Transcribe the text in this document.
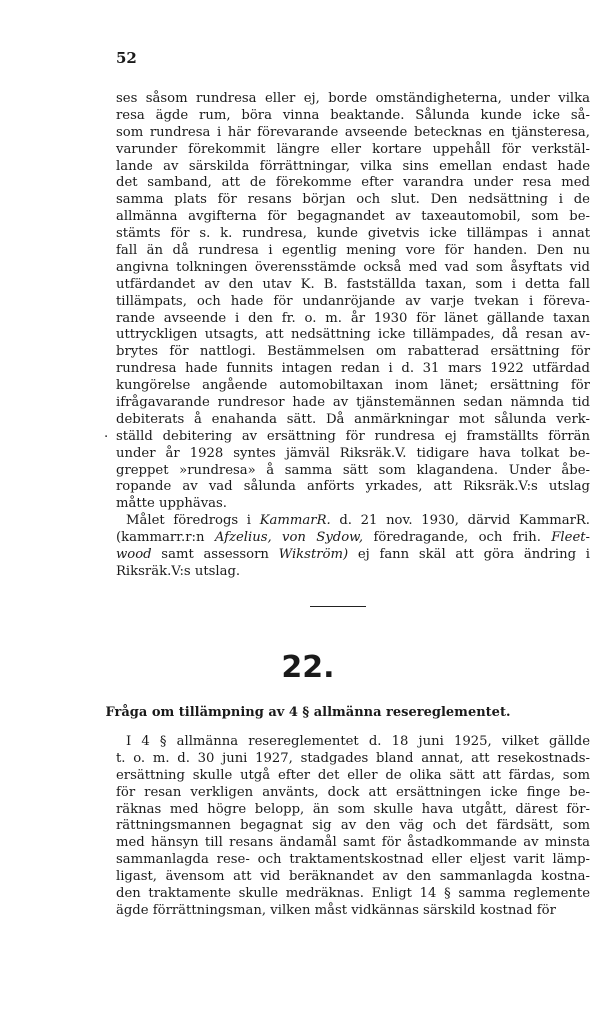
52
ses såsom rundresa eller ej, borde omständigheterna, under vilka
resa ägde rum, böra vinna beaktande. Sålunda kunde icke så-
som rundresa i här förevarande avseende betecknas en tjänsteresa,
varunder förekommit längre eller kortare uppehåll för verkstäl-
lande av särskilda förrättningar, vilka sins emellan endast hade
det samband, att de förekomme efter varandra under resa med
samma plats för resans början och slut. Den nedsättning i de
allmänna avgifterna för begagnandet av taxeautomobil, som be-
stämts för s. k. rundresa, kunde givetvis icke tillämpas i annat
fall än då rundresa i egentlig mening vore för handen. Den nu
angivna tolkningen överensstämde också med vad som åsyftats vid
utfärdandet av den utav K. B. fastställda taxan, som i detta fall
tillämpats, och hade för undanröjande av varje tvekan i föreva-
rande avseende i den fr. o. m. år 1930 för länet gällande taxan
uttryckligen utsagts, att nedsättning icke tillämpades, då resan av-
brytes för nattlogi. Bestämmelsen om rabatterad ersättning för
rundresa hade funnits intagen redan i d. 31 mars 1922 utfärdad
kungörelse angående automobiltaxan inom länet; ersättning för
ifrågavarande rundresor hade av tjänstemännen sedan nämnda tid
debiterats å enahanda sätt. Då anmärkningar mot sålunda verk-
. ställd debitering av ersättning för rundresa ej framställts förrän
under år 1928 syntes jämväl Riksräk.V. tidigare hava tolkat be-
greppet »rundresa» å samma sätt som klagandena. Under åbe-
ropande av vad sålunda anförts yrkades, att Riksräk.V:s utslag
måtte upphävas.
Målet föredrogs i KammarR. d. 21 nov. 1930, därvid KammarR.
(kammarr.r:n Afzelius, von Sydow, föredragande, och frih. Fleet-
wood samt assessorn Wikström) ej fann skäl att göra ändring i
Riksräk.V:s utslag.
22.
Fråga om tillämpning av 4 § allmänna resereglementet.
I 4 § allmänna resereglementet d. 18 juni 1925, vilket gällde
t. o. m. d. 30 juni 1927, stadgades bland annat, att resekostnads-
ersättning skulle utgå efter det eller de olika sätt att färdas, som
för resan verkligen använts, dock att ersättningen icke finge be-
räknas med högre belopp, än som skulle hava utgått, därest för-
rättningsmannen begagnat sig av den väg och det färdsätt, som
med hänsyn till resans ändamål samt för åstadkommande av minsta
sammanlagda rese- och traktamentskostnad eller eljest varit lämp-
ligast, ävensom att vid beräknandet av den sammanlagda kostna-
den traktamente skulle medräknas. Enligt 14 § samma reglemente
ägde förrättningsman, vilken måst vidkännas särskild kostnad för
